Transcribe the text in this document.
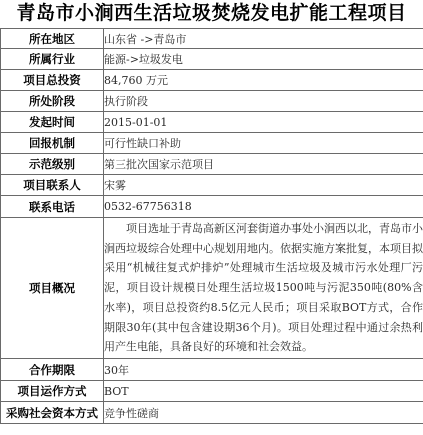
青岛市小涧西生活垃圾焚烧发电扩能工程项目
所在地区	山东省 ->青岛市
所属行业	能源->垃圾发电
项目总投资	84,760 万元
所处阶段	执行阶段
发起时间	2015-01-01
回报机制	可行性缺口补助
示范级别	第三批次国家示范项目
项目联系人	宋雾
联系电话	0532-67756318
项目概况	项目选址于青岛高新区河套街道办事处小涧西以北，青岛市小涧西垃圾综合处理中心规划用地内。依据实施方案批复，本项目拟采用“机械往复式炉排炉”处理城市生活垃圾及城市污水处理厂污泥，项目设计规模日处理生活垃圾1500吨与污泥350吨(80%含水率)，项目总投资约8.5亿元人民币；项目采取BOT方式，合作期限30年(其中包含建设期36个月)。项目处理过程中通过余热利用产生电能，具备良好的环境和社会效益。

合作期限	30年
项目运作方式	BOT
采购社会资本方式	竞争性磋商
